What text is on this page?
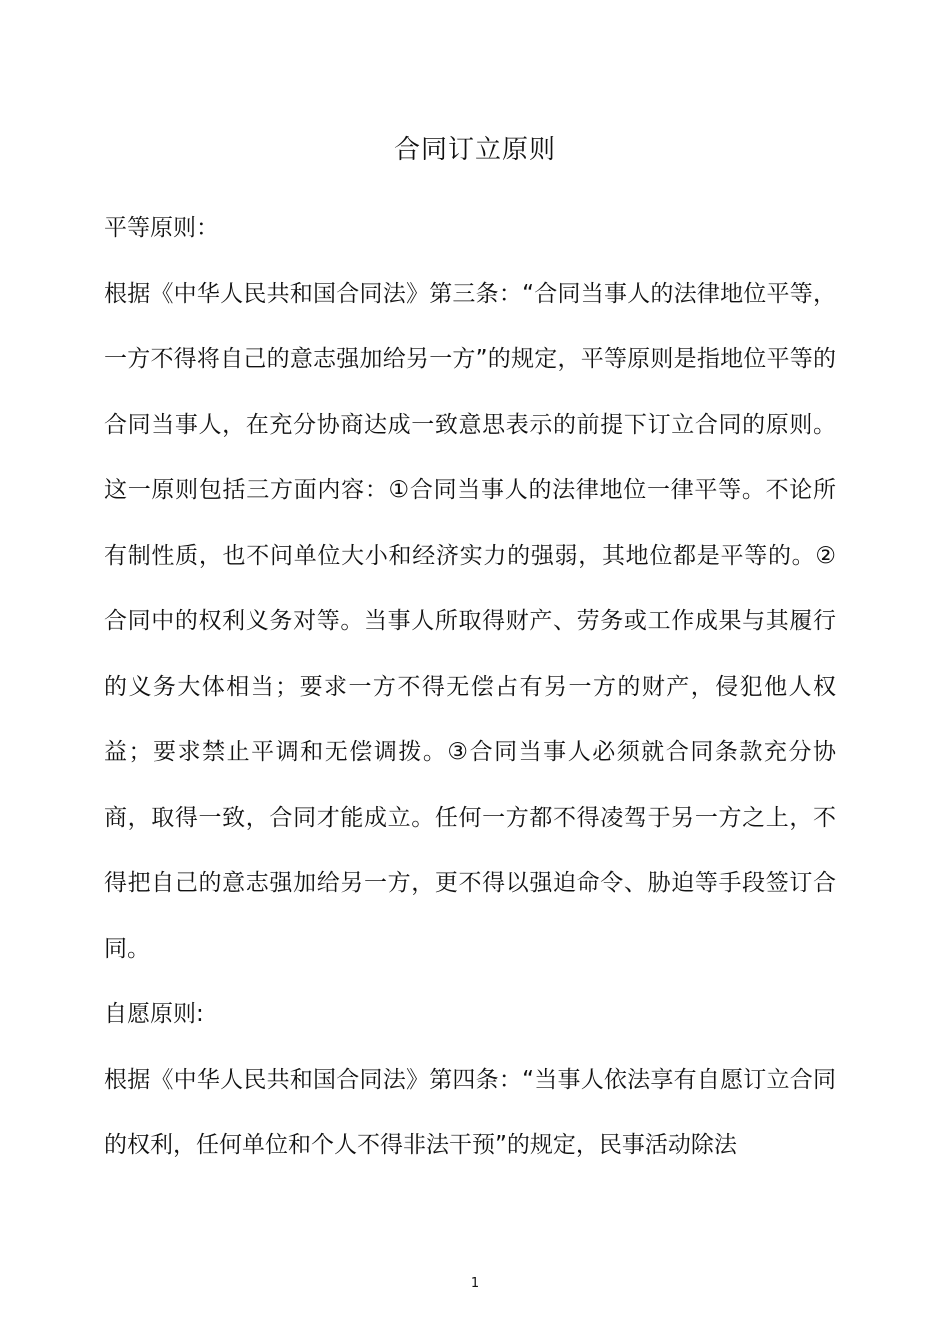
合同订立原则

平等原则：

根据《中华人民共和国合同法》第三条：“合同当事人的法律地位平等，一方不得将自己的意志强加给另一方”的规定，平等原则是指地位平等的合同当事人，在充分协商达成一致意思表示的前提下订立合同的原则。这一原则包括三方面内容：①合同当事人的法律地位一律平等。不论所有制性质，也不问单位大小和经济实力的强弱，其地位都是平等的。②合同中的权利义务对等。当事人所取得财产、劳务或工作成果与其履行的义务大体相当；要求一方不得无偿占有另一方的财产，侵犯他人权益；要求禁止平调和无偿调拨。③合同当事人必须就合同条款充分协商，取得一致，合同才能成立。任何一方都不得凌驾于另一方之上，不得把自己的意志强加给另一方，更不得以强迫命令、胁迫等手段签订合同。

自愿原则:

根据《中华人民共和国合同法》第四条：“当事人依法享有自愿订立合同的权利，任何单位和个人不得非法干预”的规定，民事活动除法

1
